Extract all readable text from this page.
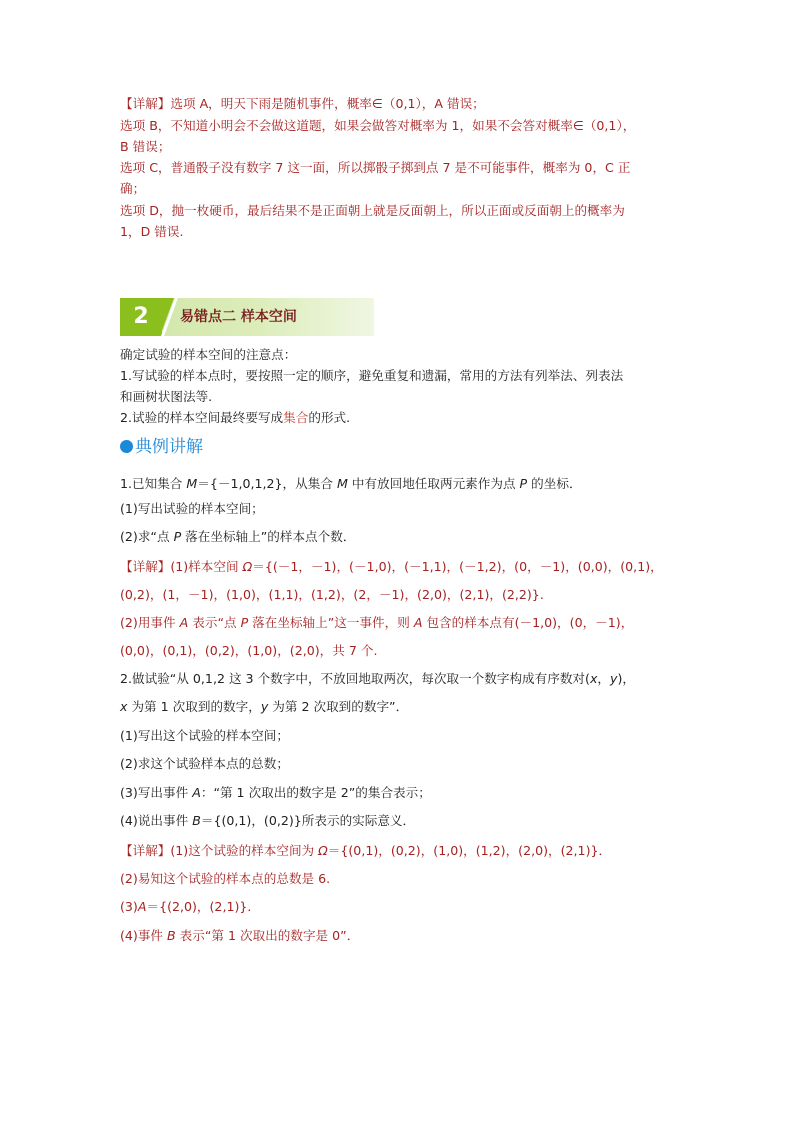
【详解】选项 A，明天下雨是随机事件，概率∈（0,1），A 错误；
选项 B，不知道小明会不会做这道题，如果会做答对概率为 1，如果不会答对概率∈（0,1），
B 错误；
选项 C，普通骰子没有数字 7 这一面，所以掷骰子掷到点 7 是不可能事件，概率为 0，C 正
确；
选项 D，抛一枚硬币，最后结果不是正面朝上就是反面朝上，所以正面或反面朝上的概率为
1，D 错误.
2	易错点二 样本空间
确定试验的样本空间的注意点：
1.写试验的样本点时，要按照一定的顺序，避免重复和遗漏，常用的方法有列举法、列表法
和画树状图法等.
2.试验的样本空间最终要写成集合的形式.
典例讲解
1.已知集合 M＝{－1,0,1,2}，从集合 M 中有放回地任取两元素作为点 P 的坐标．
(1)写出试验的样本空间；
(2)求“点 P 落在坐标轴上”的样本点个数．
【详解】(1)样本空间 Ω＝{(－1，－1)，(－1,0)，(－1,1)，(－1,2)，(0，－1)，(0,0)，(0,1)，
(0,2)，(1，－1)，(1,0)，(1,1)，(1,2)，(2，－1)，(2,0)，(2,1)，(2,2)}.
(2)用事件 A 表示“点 P 落在坐标轴上”这一事件，则 A 包含的样本点有(－1,0)，(0，－1)，
(0,0)，(0,1)，(0,2)，(1,0)，(2,0)，共 7 个.
2.做试验“从 0,1,2 这 3 个数字中，不放回地取两次，每次取一个数字构成有序数对(x，y)，
x 为第 1 次取到的数字，y 为第 2 次取到的数字”．
(1)写出这个试验的样本空间；
(2)求这个试验样本点的总数；
(3)写出事件 A：“第 1 次取出的数字是 2”的集合表示；
(4)说出事件 B＝{(0,1)，(0,2)}所表示的实际意义．
【详解】(1)这个试验的样本空间为 Ω＝{(0,1)，(0,2)，(1,0)，(1,2)，(2,0)，(2,1)}．
(2)易知这个试验的样本点的总数是 6.
(3)A＝{(2,0)，(2,1)}．
(4)事件 B 表示“第 1 次取出的数字是 0”．
